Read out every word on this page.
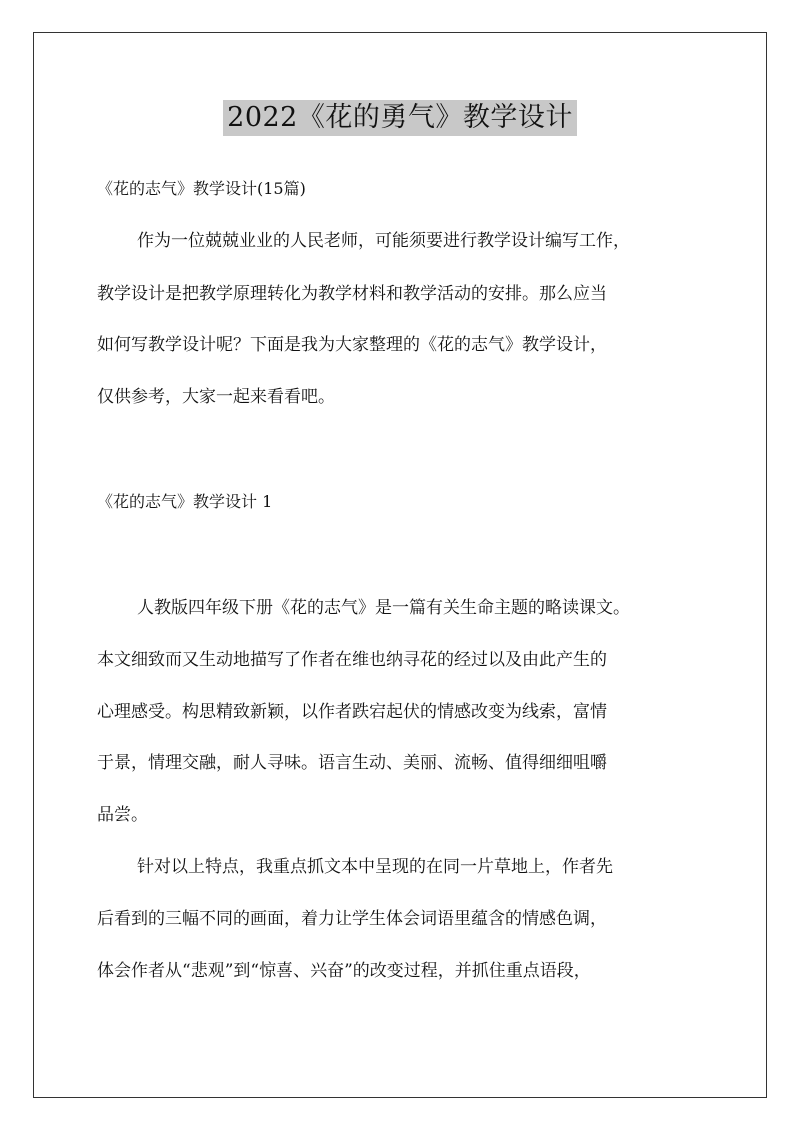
2022《花的勇气》教学设计
《花的志气》教学设计(15篇)
作为一位兢兢业业的人民老师，可能须要进行教学设计编写工作，
教学设计是把教学原理转化为教学材料和教学活动的安排。那么应当
如何写教学设计呢？下面是我为大家整理的《花的志气》教学设计，
仅供参考，大家一起来看看吧。
《花的志气》教学设计 1
人教版四年级下册《花的志气》是一篇有关生命主题的略读课文。
本文细致而又生动地描写了作者在维也纳寻花的经过以及由此产生的
心理感受。构思精致新颖，以作者跌宕起伏的情感改变为线索，富情
于景，情理交融，耐人寻味。语言生动、美丽、流畅、值得细细咀嚼
品尝。
针对以上特点，我重点抓文本中呈现的在同一片草地上，作者先
后看到的三幅不同的画面，着力让学生体会词语里蕴含的情感色调，
体会作者从“悲观”到“惊喜、兴奋”的改变过程，并抓住重点语段，
